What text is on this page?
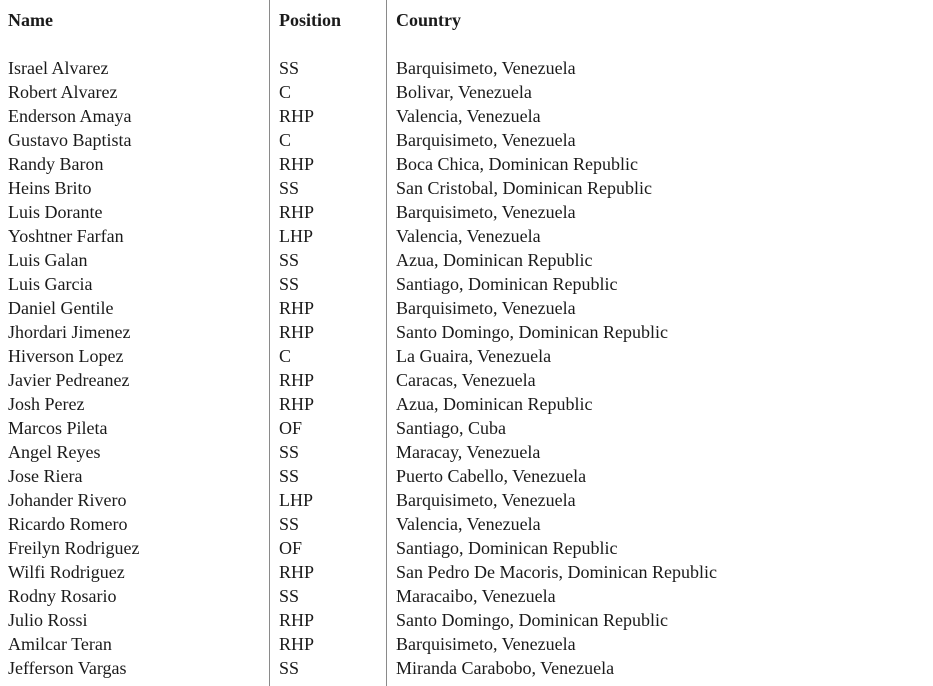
Name	Position	Country
Israel Alvarez	SS	Barquisimeto, Venezuela
Robert Alvarez	C	Bolivar, Venezuela
Enderson Amaya	RHP	Valencia, Venezuela
Gustavo Baptista	C	Barquisimeto, Venezuela
Randy Baron	RHP	Boca Chica, Dominican Republic
Heins Brito	SS	San Cristobal, Dominican Republic
Luis Dorante	RHP	Barquisimeto, Venezuela
Yoshtner Farfan	LHP	Valencia, Venezuela
Luis Galan	SS	Azua, Dominican Republic
Luis Garcia	SS	Santiago, Dominican Republic
Daniel Gentile	RHP	Barquisimeto, Venezuela
Jhordari Jimenez	RHP	Santo Domingo, Dominican Republic
Hiverson Lopez	C	La Guaira, Venezuela
Javier Pedreanez	RHP	Caracas, Venezuela
Josh Perez	RHP	Azua, Dominican Republic
Marcos Pileta	OF	Santiago, Cuba
Angel Reyes	SS	Maracay, Venezuela
Jose Riera	SS	Puerto Cabello, Venezuela
Johander Rivero	LHP	Barquisimeto, Venezuela
Ricardo Romero	SS	Valencia, Venezuela
Freilyn Rodriguez	OF	Santiago, Dominican Republic
Wilfi Rodriguez	RHP	San Pedro De Macoris, Dominican Republic
Rodny Rosario	SS	Maracaibo, Venezuela
Julio Rossi	RHP	Santo Domingo, Dominican Republic
Amilcar Teran	RHP	Barquisimeto, Venezuela
Jefferson Vargas	SS	Miranda Carabobo, Venezuela
